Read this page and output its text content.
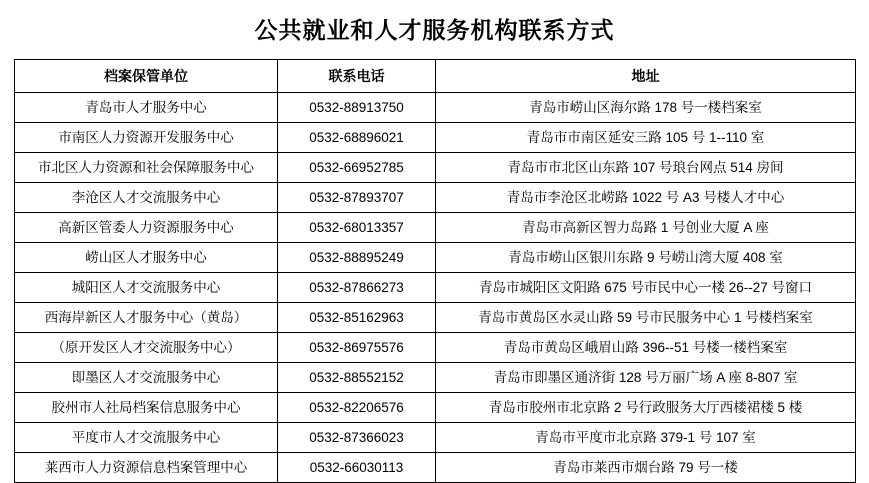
公共就业和人才服务机构联系方式
档案保管单位	联系电话	地址
青岛市人才服务中心	0532-88913750	青岛市崂山区海尔路 178 号一楼档案室
市南区人力资源开发服务中心	0532-68896021	青岛市市南区延安三路 105 号 1--110 室
市北区人力资源和社会保障服务中心	0532-66952785	青岛市市北区山东路 107 号琅台网点 514 房间
李沧区人才交流服务中心	0532-87893707	青岛市李沧区北崂路 1022 号 A3 号楼人才中心
高新区管委人力资源服务中心	0532-68013357	青岛市高新区智力岛路 1 号创业大厦 A 座
崂山区人才服务中心	0532-88895249	青岛市崂山区银川东路 9 号崂山湾大厦 408 室
城阳区人才交流服务中心	0532-87866273	青岛市城阳区文阳路 675 号市民中心一楼 26--27 号窗口
西海岸新区人才服务中心（黄岛）	0532-85162963	青岛市黄岛区水灵山路 59 号市民服务中心 1 号楼档案室
（原开发区人才交流服务中心）	0532-86975576	青岛市黄岛区峨眉山路 396--51 号楼一楼档案室
即墨区人才交流服务中心	0532-88552152	青岛市即墨区通济街 128 号万丽广场 A 座 8-807 室
胶州市人社局档案信息服务中心	0532-82206576	青岛市胶州市北京路 2 号行政服务大厅西楼裙楼 5 楼
平度市人才交流服务中心	0532-87366023	青岛市平度市北京路 379-1 号 107 室
莱西市人力资源信息档案管理中心	0532-66030113	青岛市莱西市烟台路 79 号一楼
